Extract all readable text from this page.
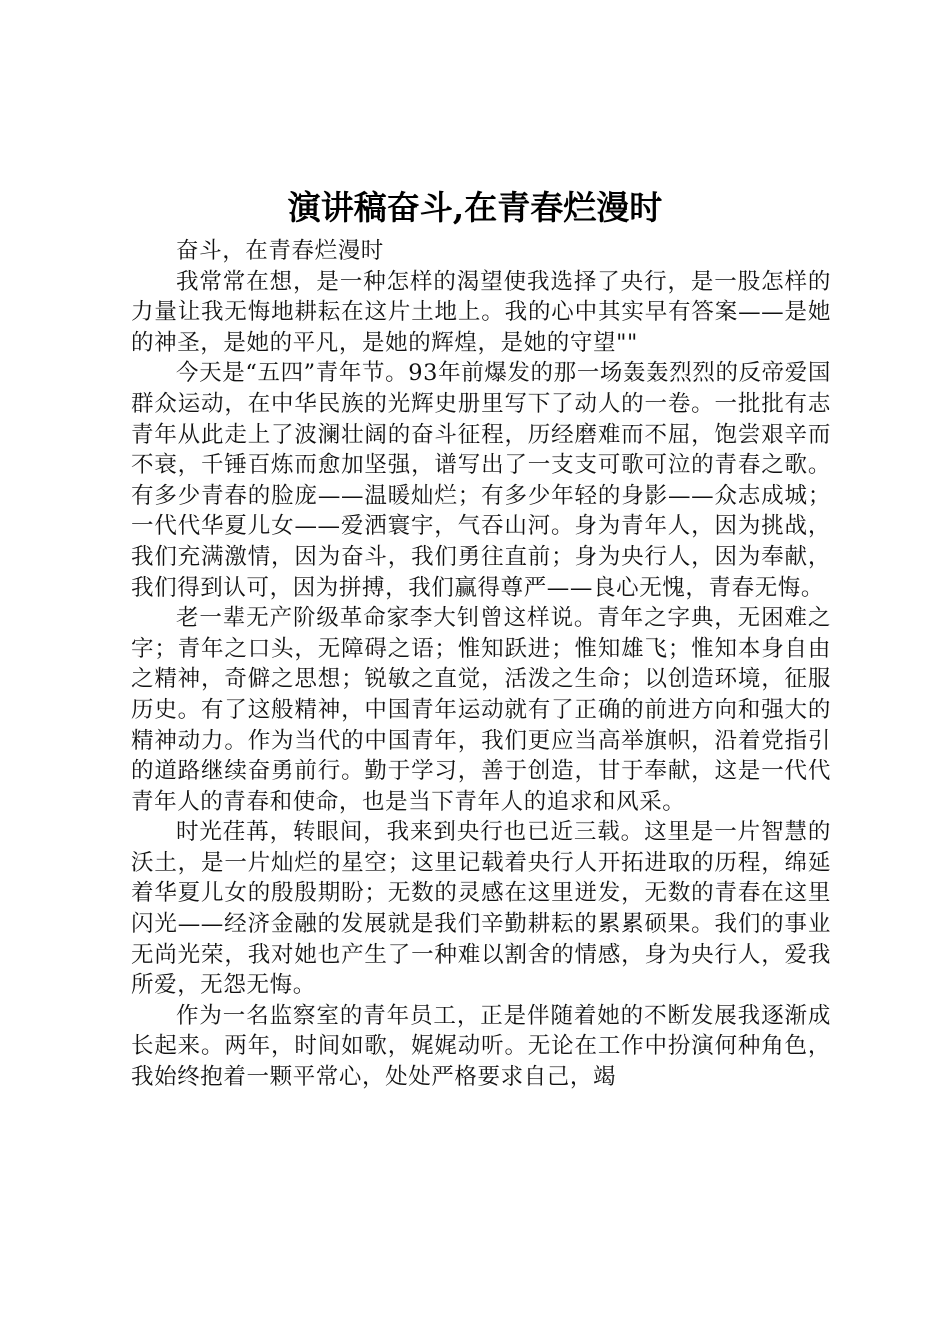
演讲稿奋斗,在青春烂漫时

奋斗，在青春烂漫时

我常常在想，是一种怎样的渴望使我选择了央行，是一股怎样的力量让我无悔地耕耘在这片土地上。我的心中其实早有答案——是她的神圣，是她的平凡，是她的辉煌，是她的守望""

今天是“五四”青年节。93年前爆发的那一场轰轰烈烈的反帝爱国群众运动，在中华民族的光辉史册里写下了动人的一卷。一批批有志青年从此走上了波澜壮阔的奋斗征程，历经磨难而不屈，饱尝艰辛而不衰，千锤百炼而愈加坚强，谱写出了一支支可歌可泣的青春之歌。有多少青春的脸庞——温暖灿烂；有多少年轻的身影——众志成城；一代代华夏儿女——爱洒寰宇，气吞山河。身为青年人，因为挑战，我们充满激情，因为奋斗，我们勇往直前；身为央行人，因为奉献，我们得到认可，因为拼搏，我们赢得尊严——良心无愧，青春无悔。

老一辈无产阶级革命家李大钊曾这样说。青年之字典，无困难之字；青年之口头，无障碍之语；惟知跃进；惟知雄飞；惟知本身自由之精神，奇僻之思想；锐敏之直觉，活泼之生命；以创造环境，征服历史。有了这般精神，中国青年运动就有了正确的前进方向和强大的精神动力。作为当代的中国青年，我们更应当高举旗帜，沿着党指引的道路继续奋勇前行。勤于学习，善于创造，甘于奉献，这是一代代青年人的青春和使命，也是当下青年人的追求和风采。

时光荏苒，转眼间，我来到央行也已近三载。这里是一片智慧的沃土，是一片灿烂的星空；这里记载着央行人开拓进取的历程，绵延着华夏儿女的殷殷期盼；无数的灵感在这里迸发，无数的青春在这里闪光——经济金融的发展就是我们辛勤耕耘的累累硕果。我们的事业无尚光荣，我对她也产生了一种难以割舍的情感，身为央行人，爱我所爱，无怨无悔。

作为一名监察室的青年员工，正是伴随着她的不断发展我逐渐成长起来。两年，时间如歌，娓娓动听。无论在工作中扮演何种角色，我始终抱着一颗平常心，处处严格要求自己，竭
